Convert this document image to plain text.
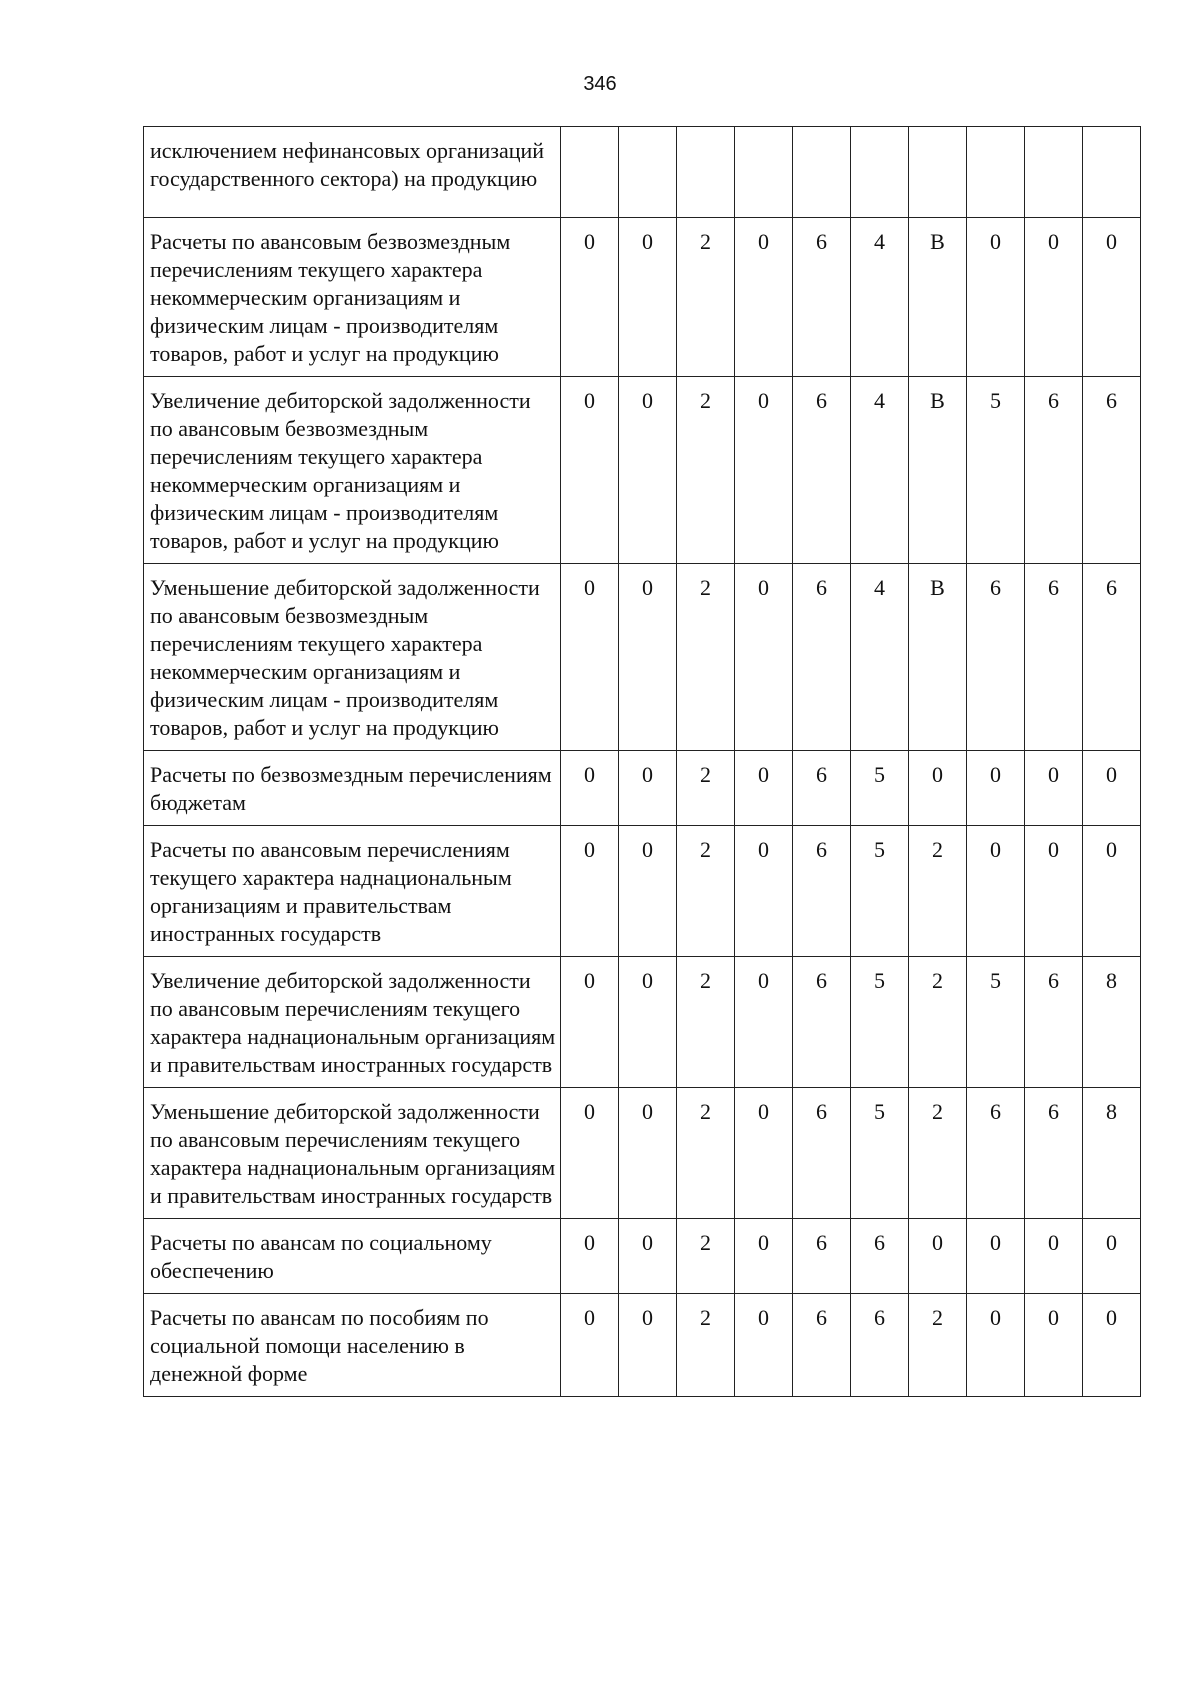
346
исключением нефинансовых организаций государственного сектора) на продукцию										
Расчеты по авансовым безвозмездным перечислениям текущего характера некоммерческим организациям и физическим лицам - производителям товаров, работ и услуг на продукцию	0	0	2	0	6	4	В	0	0	0
Увеличение дебиторской задолженности по авансовым безвозмездным перечислениям текущего характера некоммерческим организациям и физическим лицам - производителям товаров, работ и услуг на продукцию	0	0	2	0	6	4	В	5	6	6
Уменьшение дебиторской задолженности по авансовым безвозмездным перечислениям текущего характера некоммерческим организациям и физическим лицам - производителям товаров, работ и услуг на продукцию	0	0	2	0	6	4	В	6	6	6
Расчеты по безвозмездным перечислениям бюджетам	0	0	2	0	6	5	0	0	0	0
Расчеты по авансовым перечислениям текущего характера наднациональным организациям и правительствам иностранных государств	0	0	2	0	6	5	2	0	0	0
Увеличение дебиторской задолженности по авансовым перечислениям текущего характера наднациональным организациям и правительствам иностранных государств	0	0	2	0	6	5	2	5	6	8
Уменьшение дебиторской задолженности по авансовым перечислениям текущего характера наднациональным организациям и правительствам иностранных государств	0	0	2	0	6	5	2	6	6	8
Расчеты по авансам по социальному обеспечению	0	0	2	0	6	6	0	0	0	0
Расчеты по авансам по пособиям по социальной помощи населению в денежной форме	0	0	2	0	6	6	2	0	0	0
